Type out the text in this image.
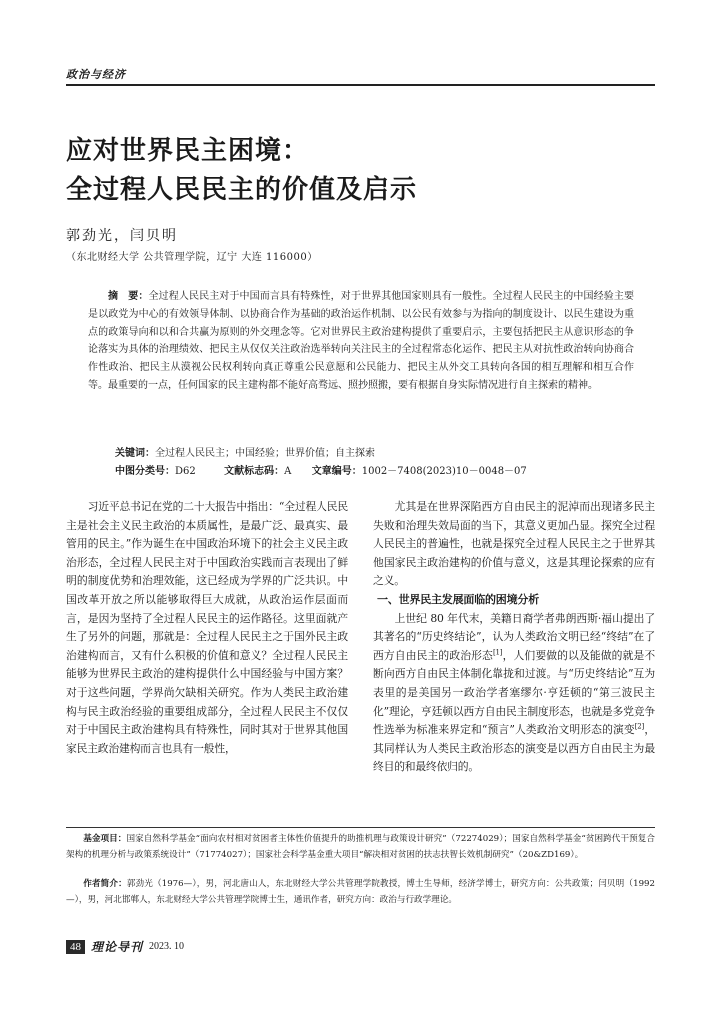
政治与经济
应对世界民主困境：
全过程人民民主的价值及启示
郭劲光，闫贝明
（东北财经大学 公共管理学院，辽宁 大连 116000）

摘　要：全过程人民民主对于中国而言具有特殊性，对于世界其他国家则具有一般性。全过程人民民主的中国经验主要是以政党为中心的有效领导体制、以协商合作为基础的政治运作机制、以公民有效参与为指向的制度设计、以民生建设为重点的政策导向和以和合共赢为原则的外交理念等。它对世界民主政治建构提供了重要启示，主要包括把民主从意识形态的争论落实为具体的治理绩效、把民主从仅仅关注政治选举转向关注民主的全过程常态化运作、把民主从对抗性政治转向协商合作性政治、把民主从漠视公民权利转向真正尊重公民意愿和公民能力、把民主从外交工具转向各国的相互理解和相互合作等。最重要的一点，任何国家的民主建构都不能好高骛远、照抄照搬，要有根据自身实际情况进行自主探索的精神。

关键词：全过程人民民主；中国经验；世界价值；自主探索
中图分类号：D62	文献标志码：A 文章编号：1002－7408(2023)10－0048－07

习近平总书记在党的二十大报告中指出：“全过程人民民主是社会主义民主政治的本质属性，是最广泛、最真实、最管用的民主。”作为诞生在中国政治环境下的社会主义民主政治形态，全过程人民民主对于中国政治实践而言表现出了鲜明的制度优势和治理效能，这已经成为学界的广泛共识。中国改革开放之所以能够取得巨大成就，从政治运作层面而言，是因为坚持了全过程人民民主的运作路径。这里面就产生了另外的问题，那就是：全过程人民民主之于国外民主政治建构而言，又有什么积极的价值和意义？全过程人民民主能够为世界民主政治的建构提供什么中国经验与中国方案？对于这些问题，学界尚欠缺相关研究。作为人类民主政治建构与民主政治经验的重要组成部分，全过程人民民主不仅仅对于中国民主政治建构具有特殊性，同时其对于世界其他国家民主政治建构而言也具有一般性，

尤其是在世界深陷西方自由民主的泥淖而出现诸多民主失败和治理失效局面的当下，其意义更加凸显。探究全过程人民民主的普遍性，也就是探究全过程人民民主之于世界其他国家民主政治建构的价值与意义，这是其理论探索的应有之义。

一、世界民主发展面临的困境分析

上世纪 80 年代末，美籍日裔学者弗朗西斯·福山提出了其著名的“历史终结论”，认为人类政治文明已经“终结”在了西方自由民主的政治形态[1]，人们要做的以及能做的就是不断向西方自由民主体制化靠拢和过渡。与“历史终结论”互为表里的是美国另一政治学者塞缪尔·亨廷顿的“第三波民主化”理论，亨廷顿以西方自由民主制度形态，也就是多党竞争性选举为标准来界定和“预言”人类政治文明形态的演变[2]，其同样认为人类民主政治形态的演变是以西方自由民主为最终目的和最终依归的。

基金项目：国家自然科学基金“面向农村相对贫困者主体性价值提升的助推机理与政策设计研究”（72274029）；国家自然科学基金“贫困跨代干预复合架构的机理分析与政策系统设计”（71774027）；国家社会科学基金重大项目“解决相对贫困的扶志扶智长效机制研究”（20&ZD169）。

作者简介：郭劲光（1976—），男，河北唐山人，东北财经大学公共管理学院教授，博士生导师，经济学博士，研究方向：公共政策；闫贝明（1992—），男，河北邯郸人，东北财经大学公共管理学院博士生，通讯作者，研究方向：政治与行政学理论。

48 理论导刊 2023. 10
